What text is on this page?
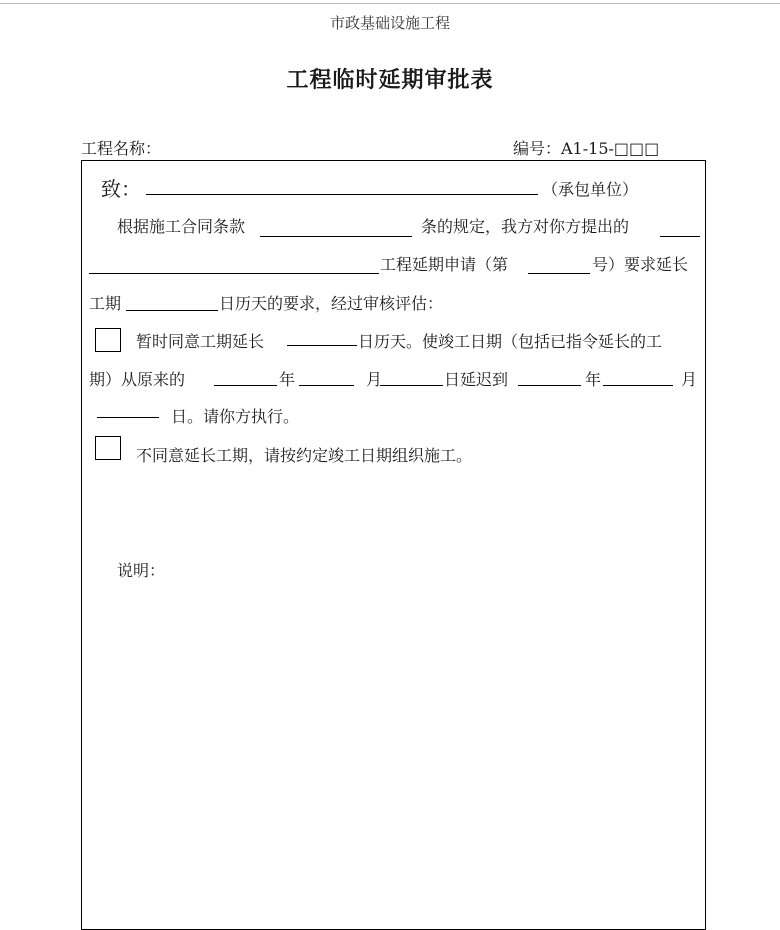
市政基础设施工程
工程临时延期审批表
工程名称：	编号：A1-15-□□□
致：	（承包单位）
根据施工合同条款	条的规定，我方对你方提出的
工程延期申请（第	号）要求延长
工期	日历天的要求，经过审核评估：
暂时同意工期延长	日历天。使竣工日期（包括已指令延长的工
期）从原来的	年	月	日延迟到	年	月
日。请你方执行。
不同意延长工期，请按约定竣工日期组织施工。
说明：
